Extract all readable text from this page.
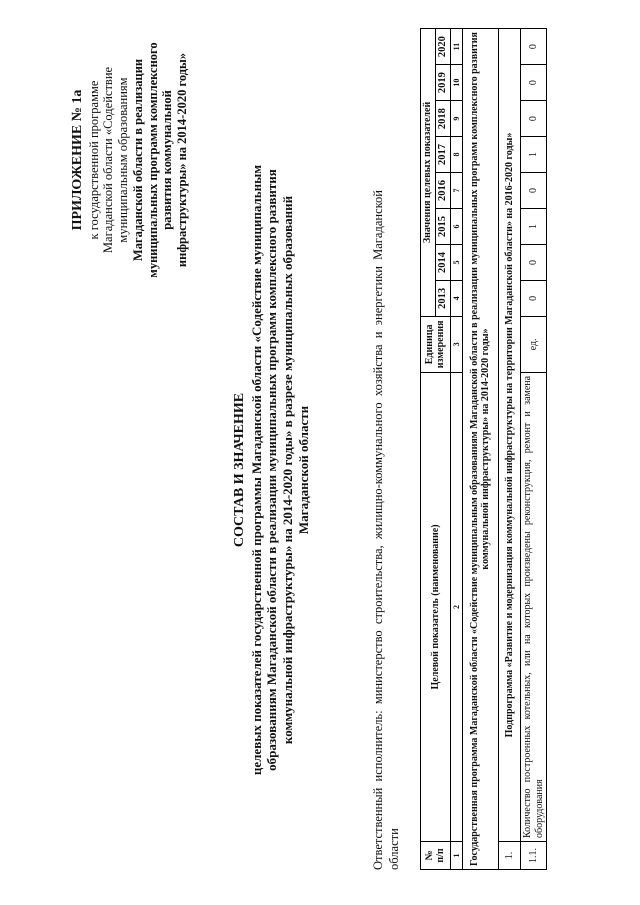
ПРИЛОЖЕНИЕ № 1а к государственной программе Магаданской области «Содействие муниципальным образованиям Магаданской области в реализации муниципальных программ комплексного развития коммунальной инфраструктуры» на 2014-2020 годы»
СОСТАВ И ЗНАЧЕНИЕ целевых показателей государственной программы Магаданской области «Содействие муниципальным образованиям Магаданской области в реализации муниципальных программ комплексного развития коммунальной инфраструктуры» на 2014-2020 годы» в разрезе муниципальных образований Магаданской области	Ответственный исполнитель: министерство строительства, жилищно-коммунального хозяйства и энергетики Магаданской области № п/п	Целевой показатель (наименование)	Единица измерения	Значения целевых показателей							
			2013	2014	2015	2016	2017	2018	2019	2020
1	2	3	4	5	6	7	8	9	10	11
Государственная программа Магаданской области «Содействие муниципальным образованиям Магаданской области в реализации муниципальных программ комплексного развития коммунальной инфраструктуры» на 2014-2020 годы»										
1.	Подпрограмма «Развитие и модернизация коммунальной инфраструктуры на территории Магаданской области» на 2016-2020 годы»									
1.1.	Количество построенных котельных, или на которых произведены реконструкция, ремонт и замена оборудования	ед.	0	0	1	0	1	0	0	0
